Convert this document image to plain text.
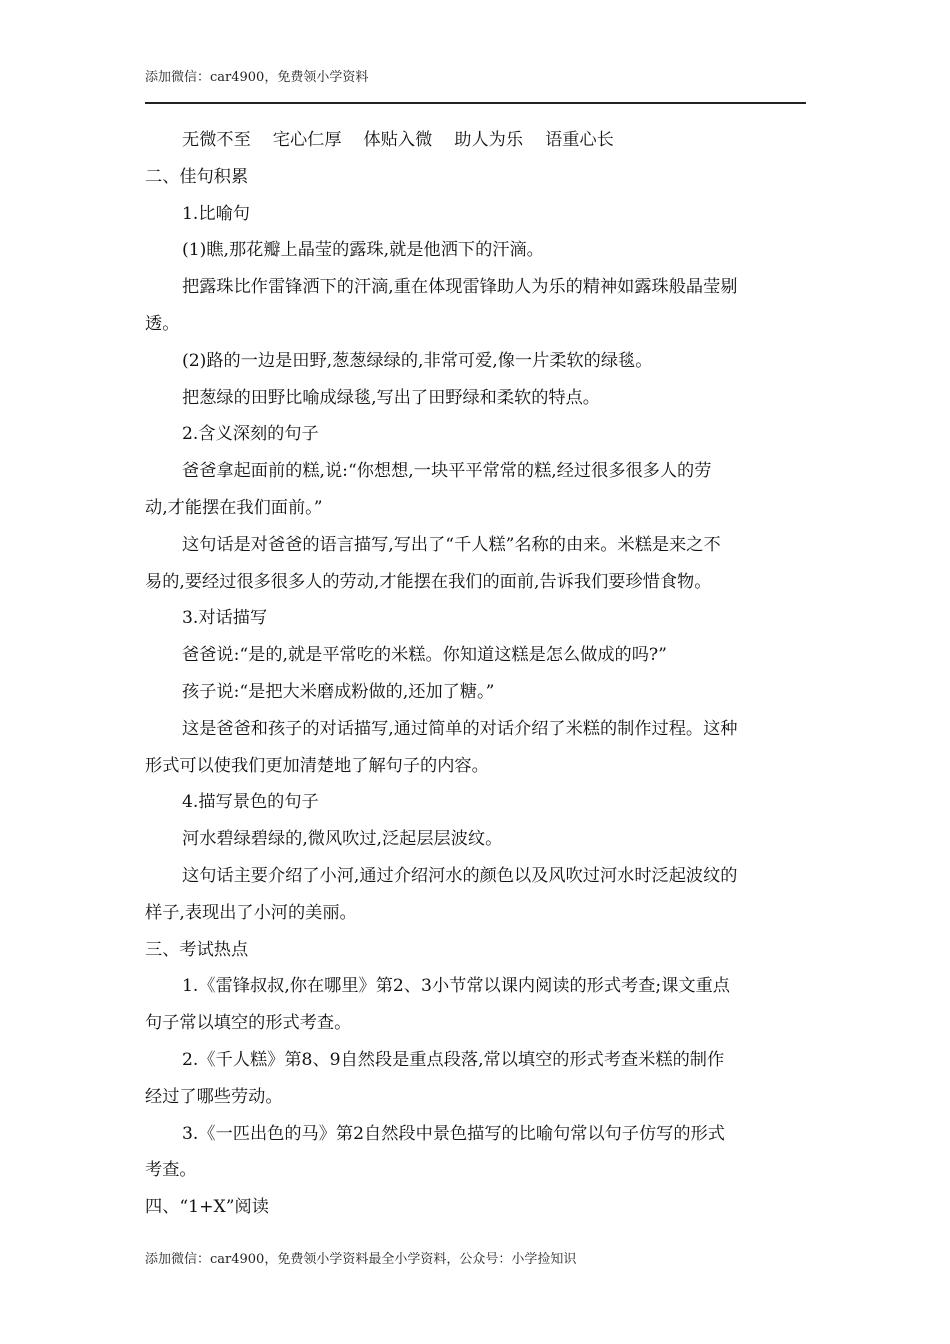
添加微信：car4900，免费领小学资料
无微不至 宅心仁厚 体贴入微 助人为乐 语重心长
二、佳句积累
1.比喻句
(1)瞧,那花瓣上晶莹的露珠,就是他洒下的汗滴。
把露珠比作雷锋洒下的汗滴,重在体现雷锋助人为乐的精神如露珠般晶莹剔
透。
(2)路的一边是田野,葱葱绿绿的,非常可爱,像一片柔软的绿毯。
把葱绿的田野比喻成绿毯,写出了田野绿和柔软的特点。
2.含义深刻的句子
爸爸拿起面前的糕,说:“你想想,一块平平常常的糕,经过很多很多人的劳
动,才能摆在我们面前。”
这句话是对爸爸的语言描写,写出了“千人糕”名称的由来。米糕是来之不
易的,要经过很多很多人的劳动,才能摆在我们的面前,告诉我们要珍惜食物。
3.对话描写
爸爸说:“是的,就是平常吃的米糕。你知道这糕是怎么做成的吗?”
孩子说:“是把大米磨成粉做的,还加了糖。”
这是爸爸和孩子的对话描写,通过简单的对话介绍了米糕的制作过程。这种
形式可以使我们更加清楚地了解句子的内容。
4.描写景色的句子
河水碧绿碧绿的,微风吹过,泛起层层波纹。
这句话主要介绍了小河,通过介绍河水的颜色以及风吹过河水时泛起波纹的
样子,表现出了小河的美丽。
三、考试热点
1.《雷锋叔叔,你在哪里》第2、3小节常以课内阅读的形式考查;课文重点
句子常以填空的形式考查。
2.《千人糕》第8、9自然段是重点段落,常以填空的形式考查米糕的制作
经过了哪些劳动。
3.《一匹出色的马》第2自然段中景色描写的比喻句常以句子仿写的形式
考查。
四、“1+X”阅读
添加微信：car4900，免费领小学资料最全小学资料，公众号：小学捡知识
